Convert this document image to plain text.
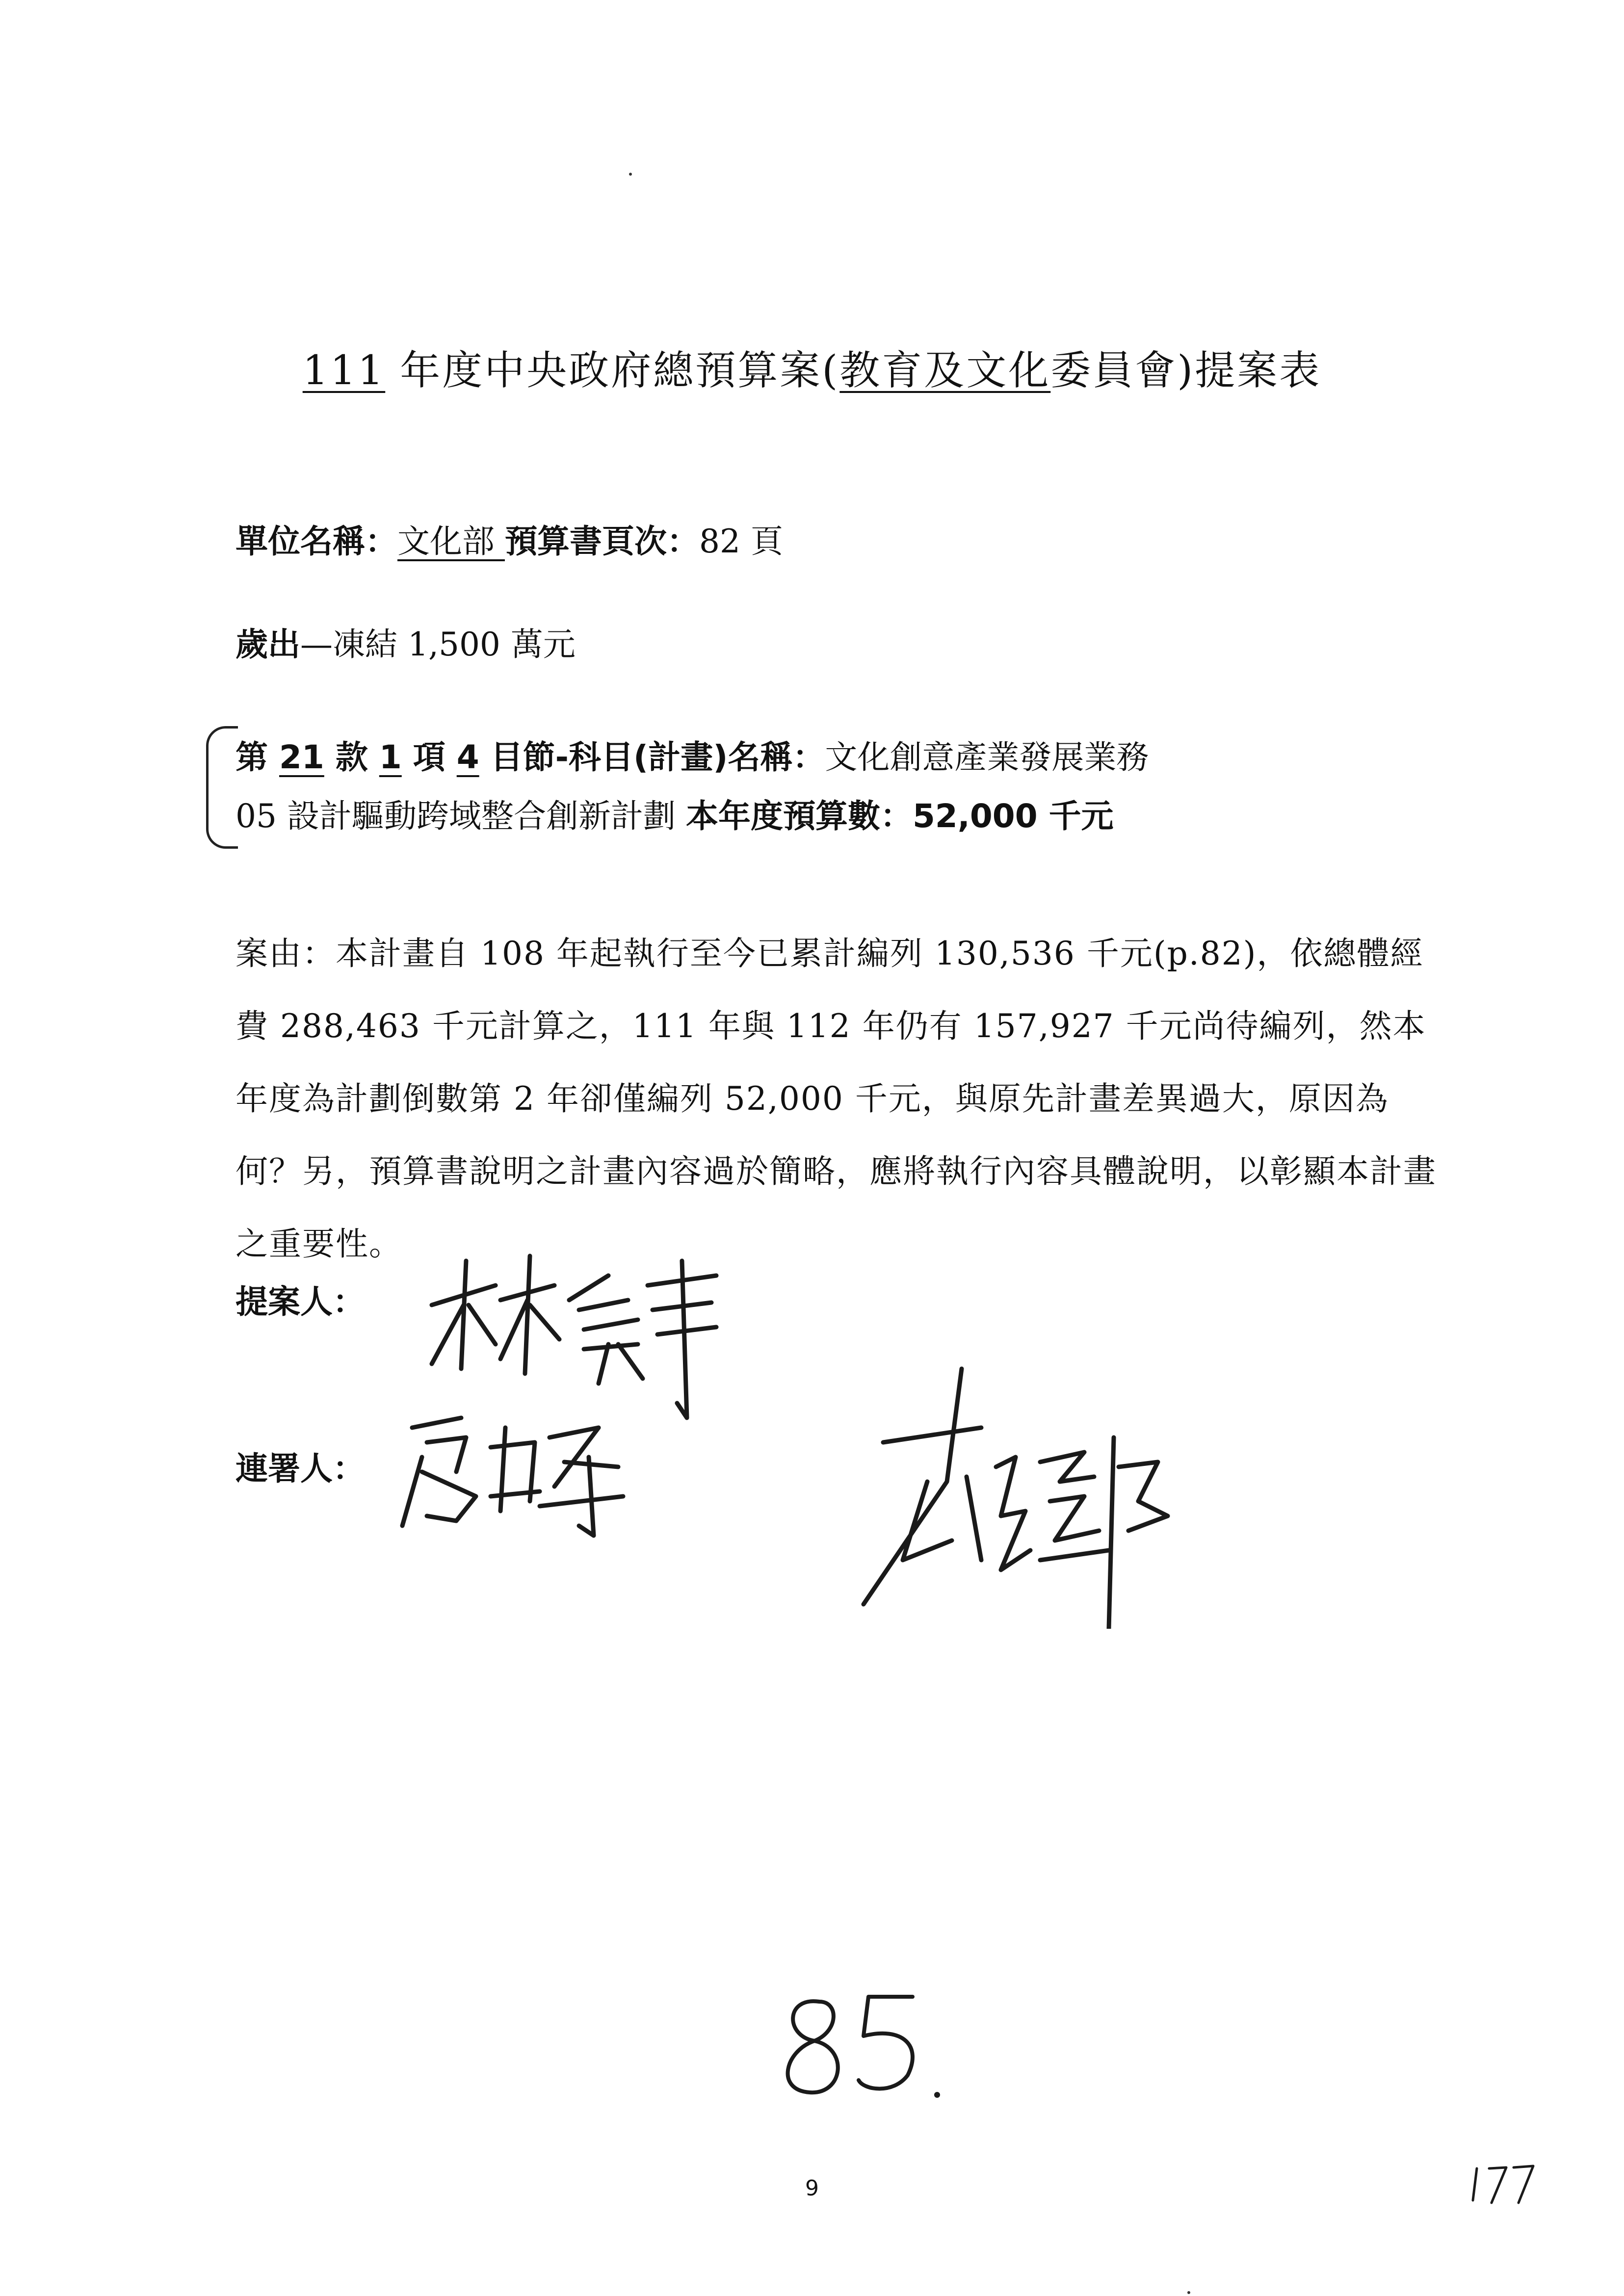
111 年度中央政府總預算案(教育及文化委員會)提案表
單位名稱：文化部 預算書頁次：82 頁
歲出—凍結 1,500 萬元
第 21 款 1 項 4 目節-科目(計畫)名稱：文化創意產業發展業務
05 設計驅動跨域整合創新計劃 本年度預算數：52,000 千元
案由：本計畫自 108 年起執行至今已累計編列 130,536 千元(p.82)，依總體經費 288,463 千元計算之，111 年與 112 年仍有 157,927 千元尚待編列，然本年度為計劃倒數第 2 年卻僅編列 52,000 千元，與原先計畫差異過大，原因為何？另，預算書說明之計畫內容過於簡略，應將執行內容具體說明，以彰顯本計畫之重要性。
提案人：
連署人：
9
